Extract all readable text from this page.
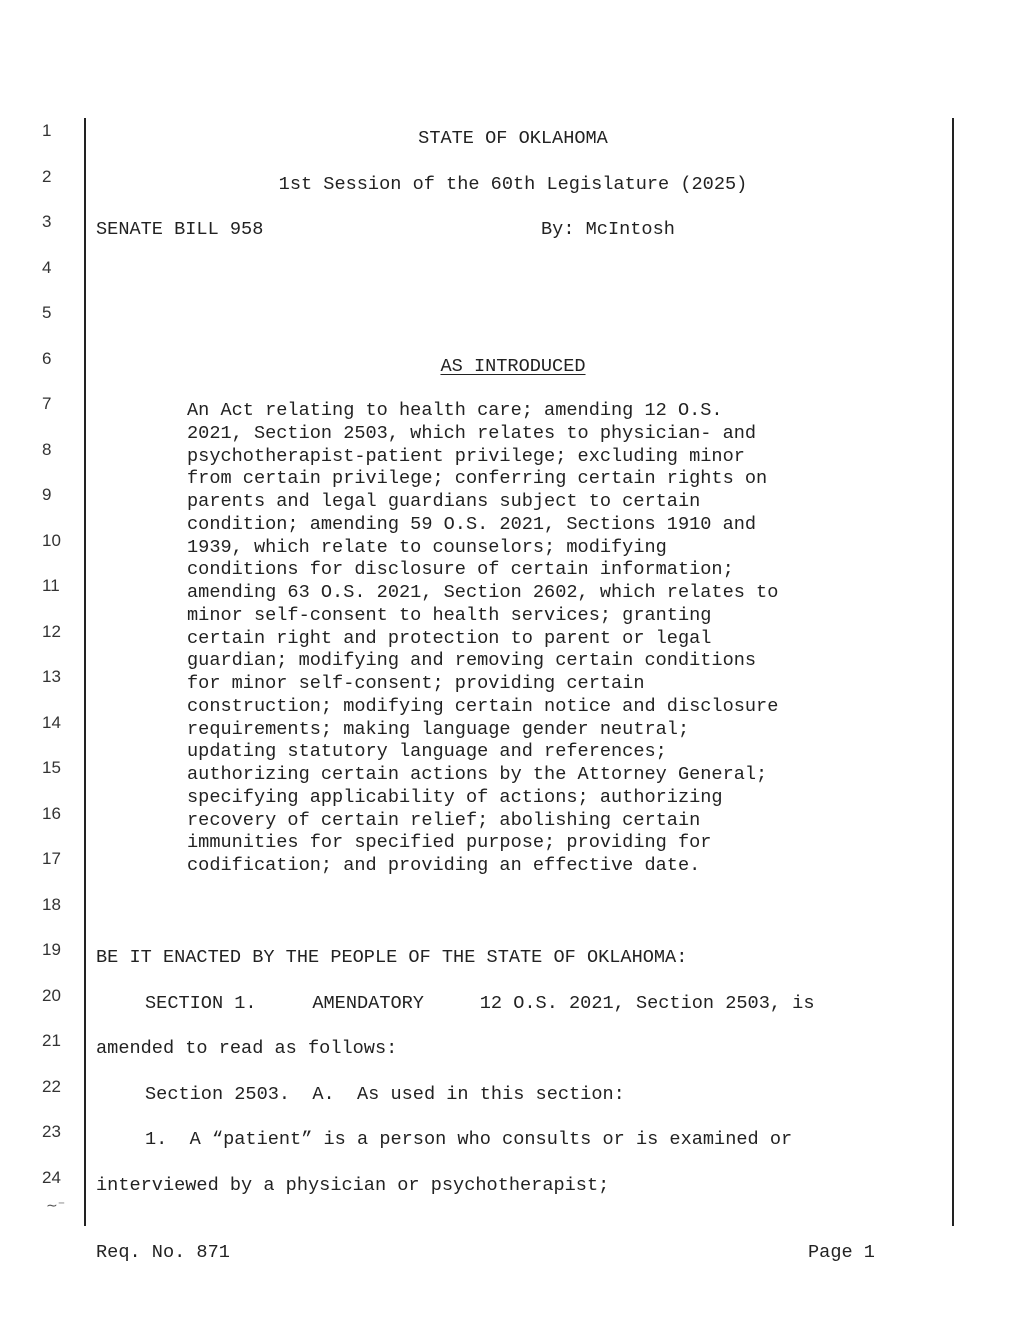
1
2
3
4
5
6
7
8
9
10
11
12
13
14
15
16
17
18
19
20
21
22
23
24
∼⁻
STATE OF OKLAHOMA
1st Session of the 60th Legislature (2025)
SENATE BILL 958	By: McIntosh
AS INTRODUCED
An Act relating to health care; amending 12 O.S.
2021, Section 2503, which relates to physician- and
psychotherapist-patient privilege; excluding minor
from certain privilege; conferring certain rights on
parents and legal guardians subject to certain
condition; amending 59 O.S. 2021, Sections 1910 and
1939, which relate to counselors; modifying
conditions for disclosure of certain information;
amending 63 O.S. 2021, Section 2602, which relates to
minor self-consent to health services; granting
certain right and protection to parent or legal
guardian; modifying and removing certain conditions
for minor self-consent; providing certain
construction; modifying certain notice and disclosure
requirements; making language gender neutral;
updating statutory language and references;
authorizing certain actions by the Attorney General;
specifying applicability of actions; authorizing
recovery of certain relief; abolishing certain
immunities for specified purpose; providing for
codification; and providing an effective date.
BE IT ENACTED BY THE PEOPLE OF THE STATE OF OKLAHOMA:
SECTION 1.     AMENDATORY     12 O.S. 2021, Section 2503, is
amended to read as follows:
Section 2503.  A.  As used in this section:
1.  A “patient” is a person who consults or is examined or
interviewed by a physician or psychotherapist;
Req. No. 871	Page 1
